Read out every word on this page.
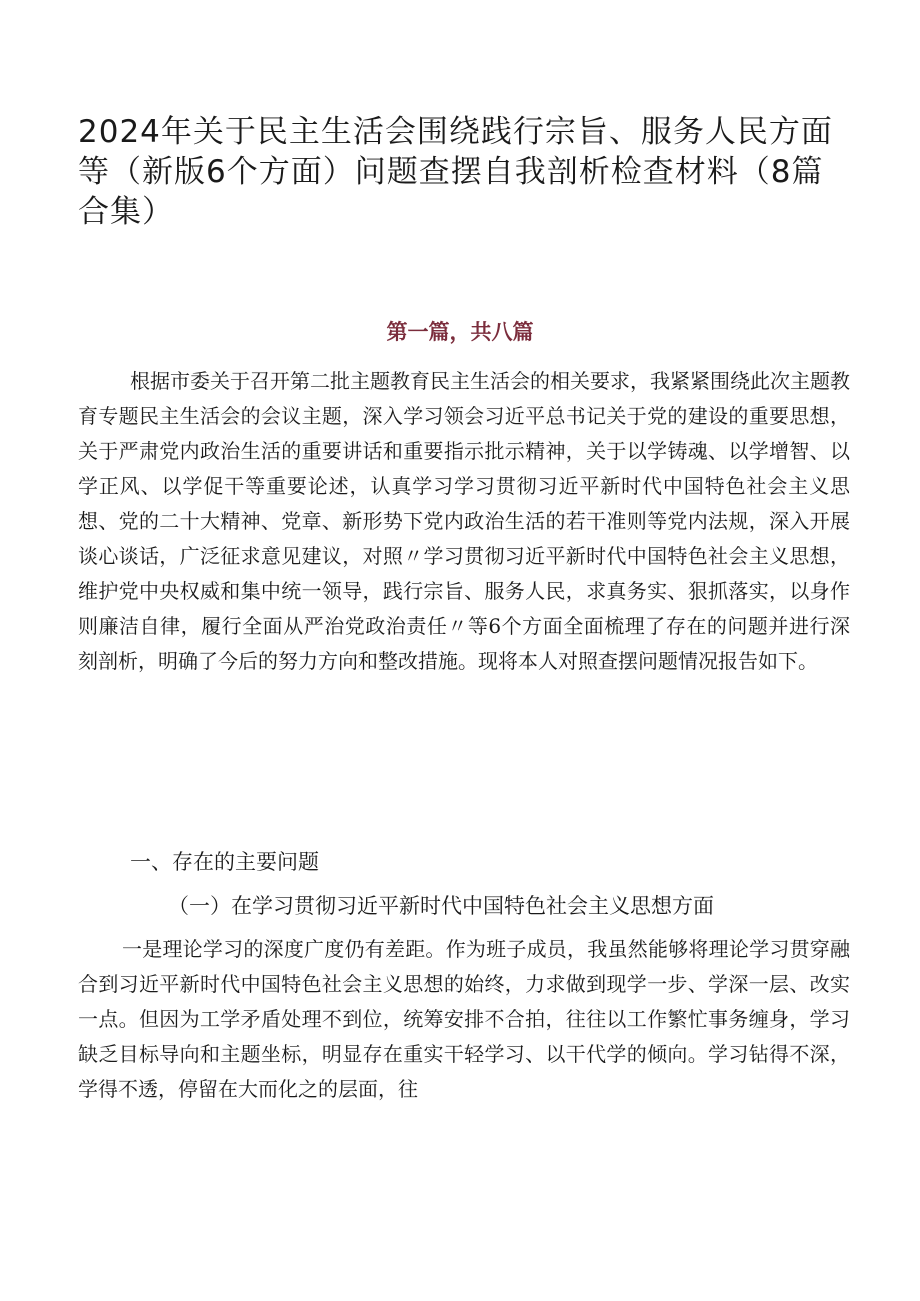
2024年关于民主生活会围绕践行宗旨、服务人民方面等（新版6个方面）问题查摆自我剖析检查材料（8篇合集）
第一篇，共八篇

根据市委关于召开第二批主题教育民主生活会的相关要求，我紧紧围绕此次主题教育专题民主生活会的会议主题，深入学习领会习近平总书记关于党的建设的重要思想，关于严肃党内政治生活的重要讲话和重要指示批示精神，关于以学铸魂、以学增智、以学正风、以学促干等重要论述，认真学习学习贯彻习近平新时代中国特色社会主义思想、党的二十大精神、党章、新形势下党内政治生活的若干准则等党内法规，深入开展谈心谈话，广泛征求意见建议，对照〃学习贯彻习近平新时代中国特色社会主义思想，维护党中央权威和集中统一领导，践行宗旨、服务人民，求真务实、狠抓落实，以身作则廉洁自律，履行全面从严治党政治责任〃等6个方面全面梳理了存在的问题并进行深刻剖析，明确了今后的努力方向和整改措施。现将本人对照查摆问题情况报告如下。

一、存在的主要问题
（一）在学习贯彻习近平新时代中国特色社会主义思想方面

一是理论学习的深度广度仍有差距。作为班子成员，我虽然能够将理论学习贯穿融合到习近平新时代中国特色社会主义思想的始终，力求做到现学一步、学深一层、改实一点。但因为工学矛盾处理不到位，统筹安排不合拍，往往以工作繁忙事务缠身，学习缺乏目标导向和主题坐标，明显存在重实干轻学习、以干代学的倾向。学习钻得不深，学得不透，停留在大而化之的层面，往
